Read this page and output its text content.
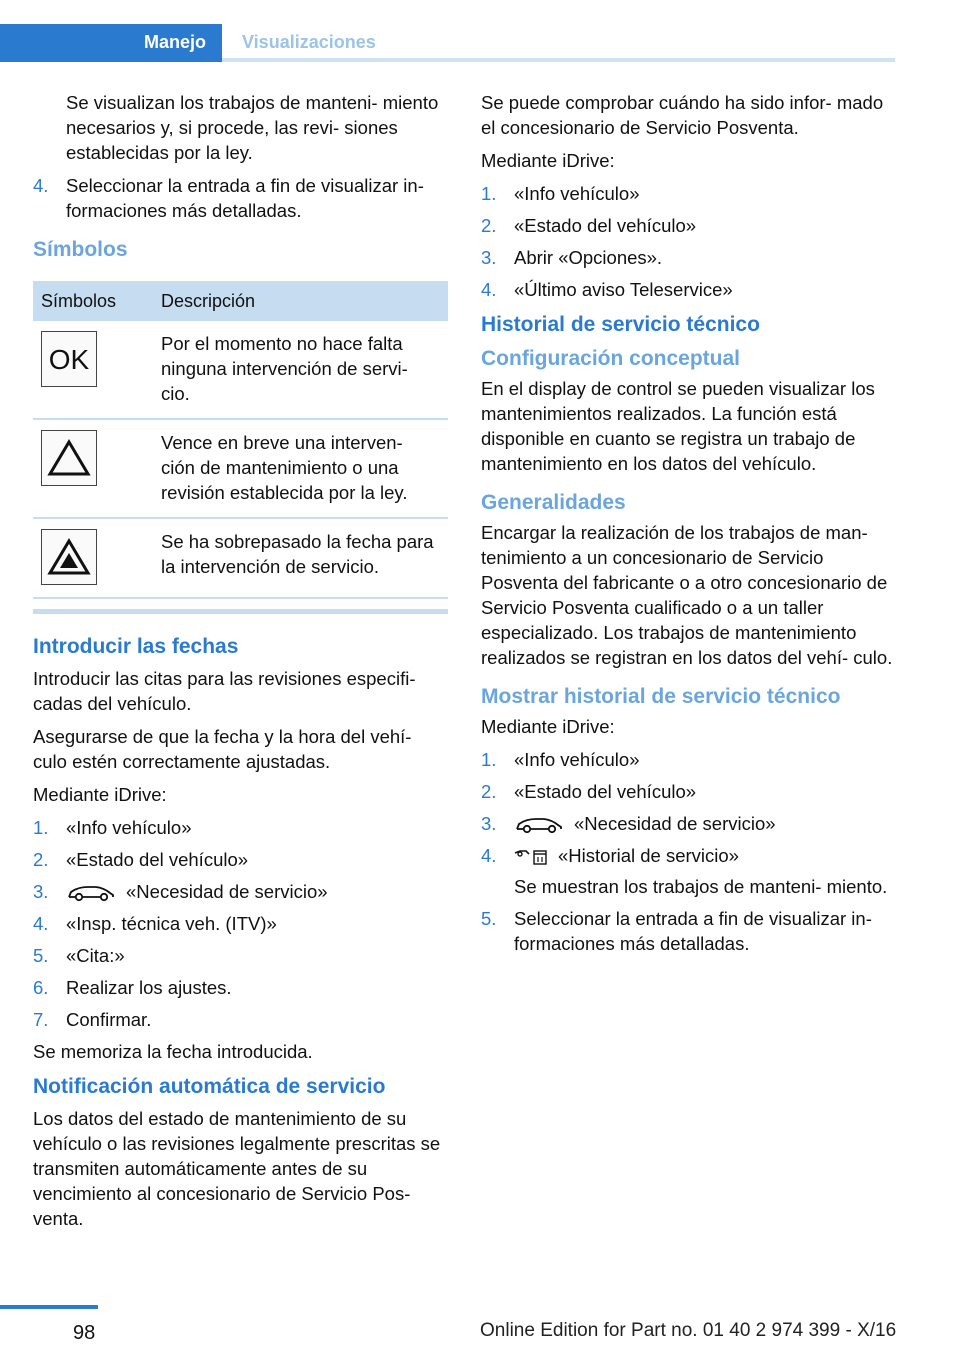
Manejo Visualizaciones

Se visualizan los trabajos de manteni- miento necesarios y, si procede, las revi- siones establecidas por la ley.

4. Seleccionar la entrada a fin de visualizar in- formaciones más detalladas.
Símbolos
Símbolos	Descripción

OK	Por el momento no hace falta ninguna intervención de servi- cio.

	Vence en breve una interven- ción de mantenimiento o una revisión establecida por la ley.

	Se ha sobrepasado la fecha para la intervención de servicio.
Introducir las fechas

Introducir las citas para las revisiones especifi- cadas del vehículo.

Asegurarse de que la fecha y la hora del vehí- culo estén correctamente ajustadas.

Mediante iDrive:

1. «Info vehículo»
2. «Estado del vehículo»
3.	«Necesidad de servicio»
4. «Insp. técnica veh. (ITV)»
5. «Cita:»
6. Realizar los ajustes.
7. Confirmar.

Se memoriza la fecha introducida.

Notificación automática de servicio

Los datos del estado de mantenimiento de su vehículo o las revisiones legalmente prescritas se transmiten automáticamente antes de su vencimiento al concesionario de Servicio Pos- venta.

Se puede comprobar cuándo ha sido infor- mado el concesionario de Servicio Posventa.

Mediante iDrive:

1. «Info vehículo»
2. «Estado del vehículo»
3. Abrir «Opciones».
4. «Último aviso Teleservice»
Historial de servicio técnico
Configuración conceptual

En el display de control se pueden visualizar los mantenimientos realizados. La función está disponible en cuanto se registra un trabajo de mantenimiento en los datos del vehículo.

Generalidades

Encargar la realización de los trabajos de man- tenimiento a un concesionario de Servicio Posventa del fabricante o a otro concesionario de Servicio Posventa cualificado o a un taller especializado. Los trabajos de mantenimiento realizados se registran en los datos del vehí- culo.

Mostrar historial de servicio técnico

Mediante iDrive:

1. «Info vehículo»
2. «Estado del vehículo»
3.	«Necesidad de servicio»
4.	«Historial de servicio»
Se muestran los trabajos de manteni- miento.
5. Seleccionar la entrada a fin de visualizar in- formaciones más detalladas.
98	Online Edition for Part no. 01 40 2 974 399 - X/16
